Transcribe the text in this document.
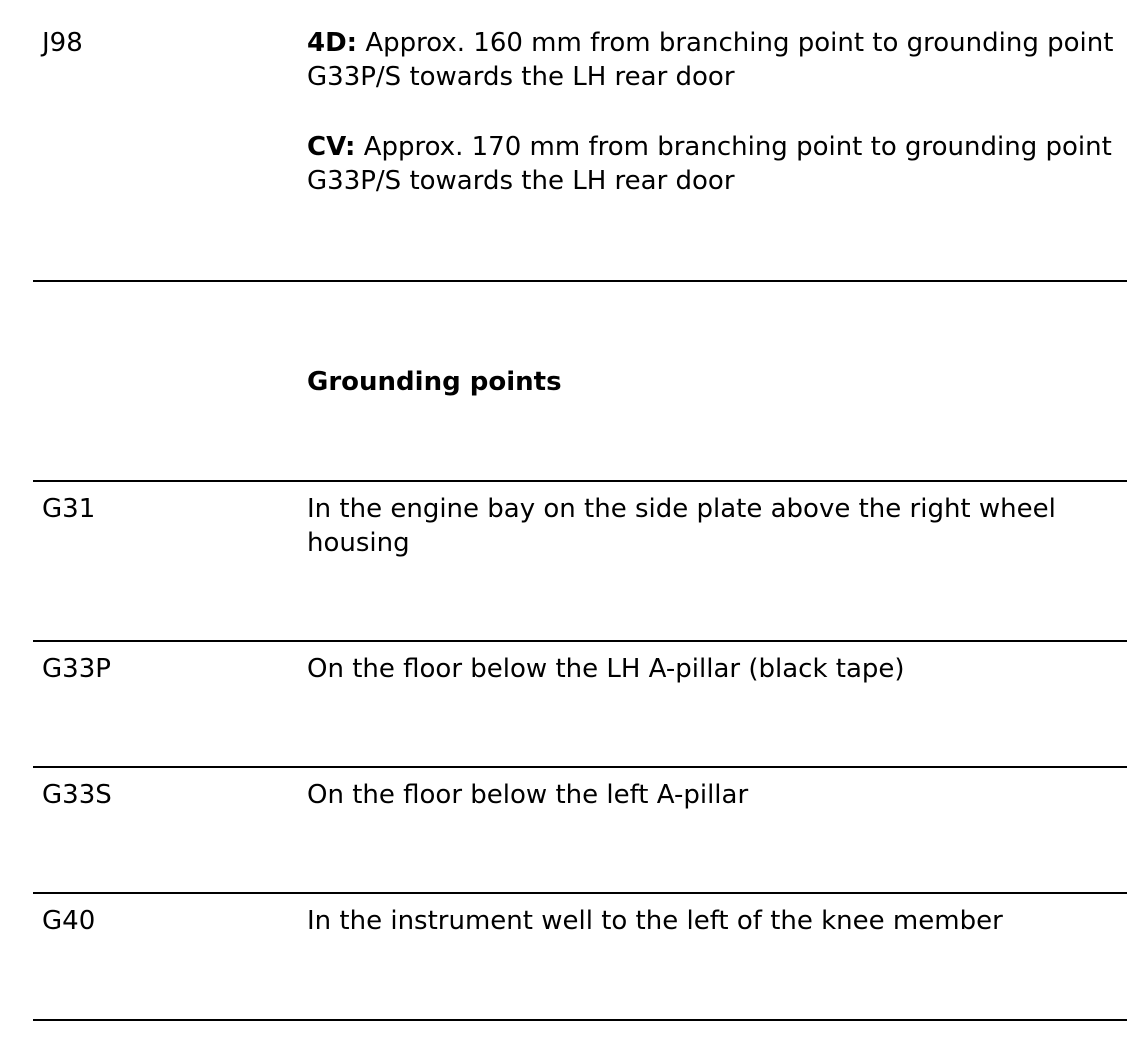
J98	4D: Approx. 160 mm from branching point to grounding point G33P/S towards the LH rear door

CV: Approx. 170 mm from branching point to grounding point G33P/S towards the LH rear door

Grounding points
G31	In the engine bay on the side plate above the right wheel housing
G33P	On the floor below the LH A-pillar (black tape)
G33S	On the floor below the left A-pillar
G40	In the instrument well to the left of the knee member
